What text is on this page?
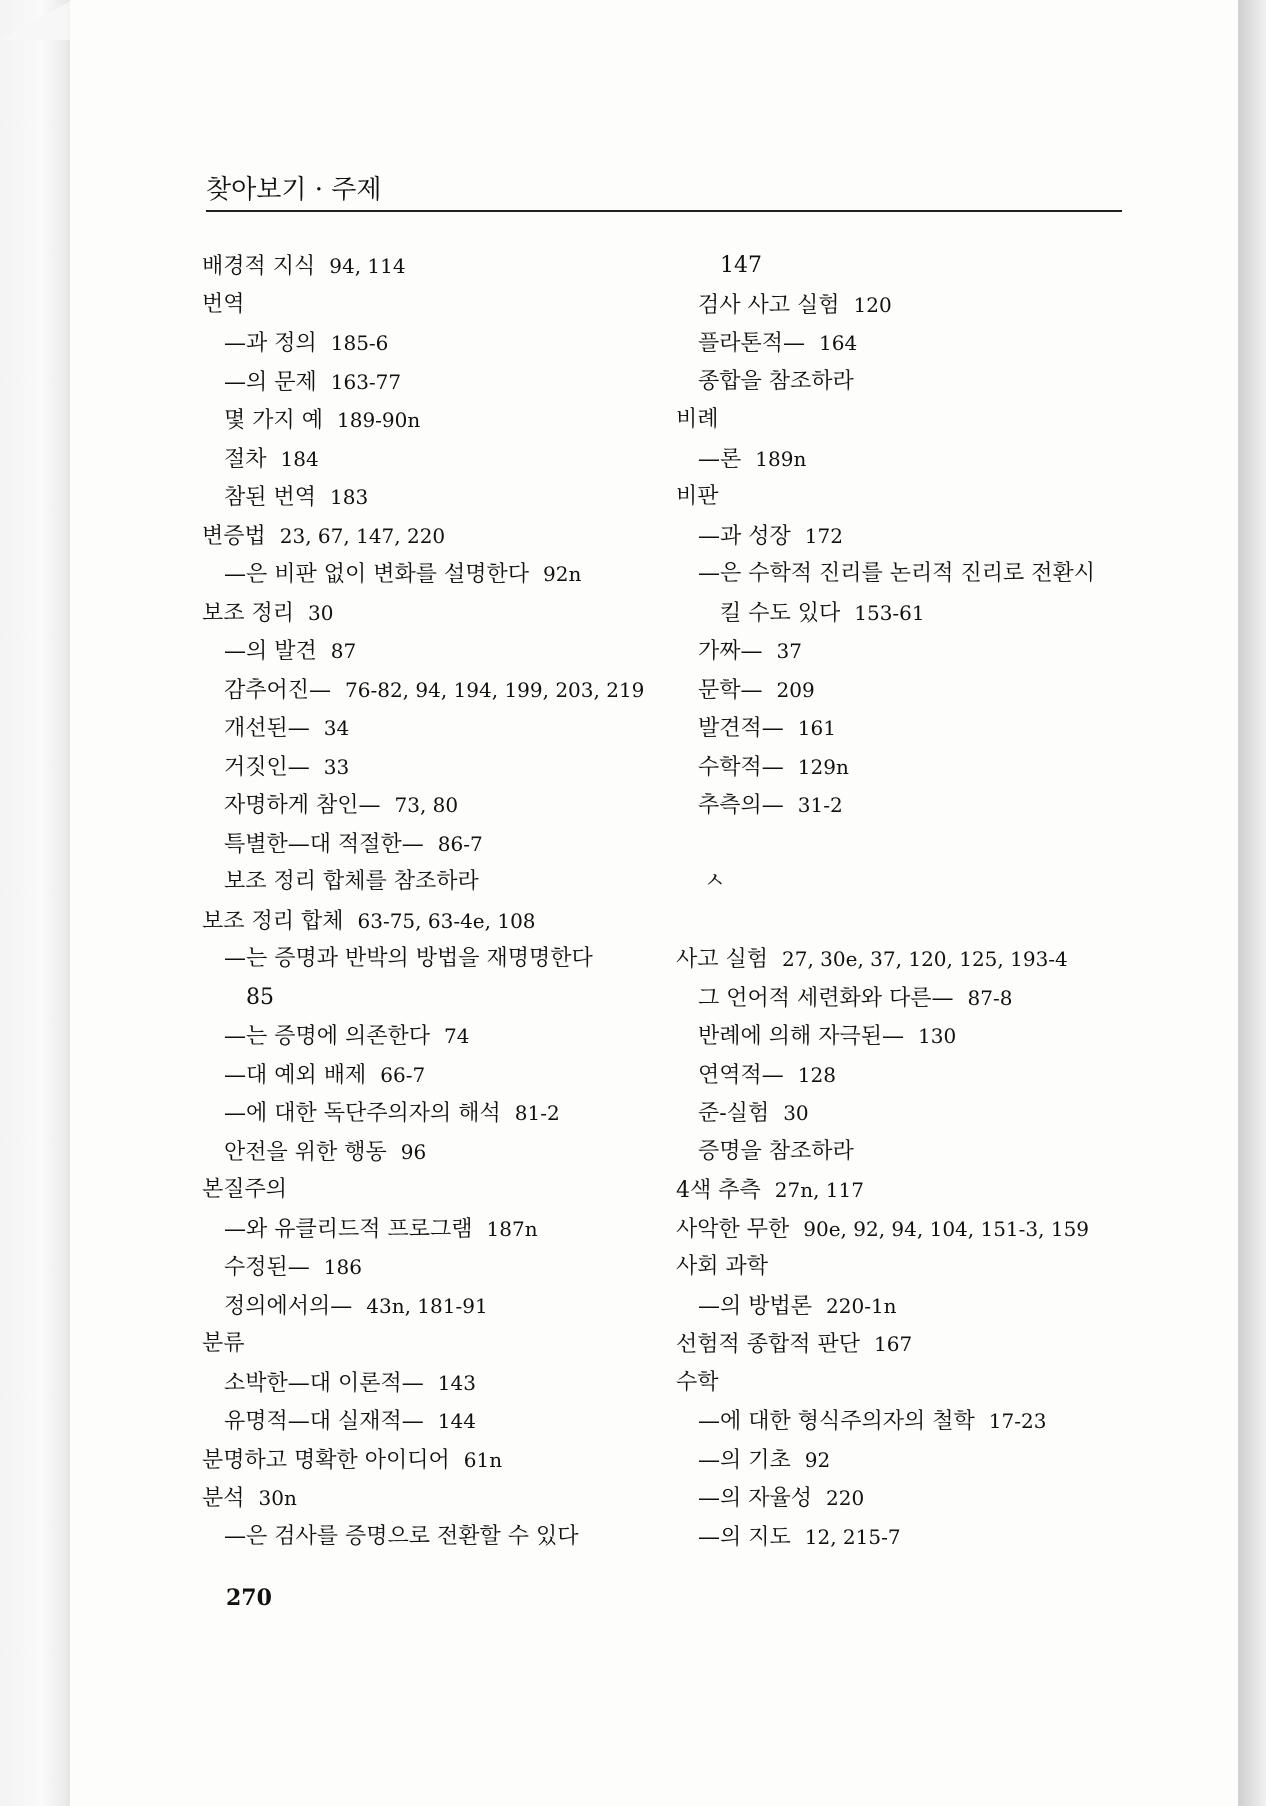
찾아보기 · 주제
배경적 지식 94, 114
번역
—과 정의 185-6
—의 문제 163-77
몇 가지 예 189-90n
절차 184
참된 번역 183
변증법 23, 67, 147, 220
—은 비판 없이 변화를 설명한다 92n
보조 정리 30
—의 발견 87
감추어진— 76-82, 94, 194, 199, 203, 219
개선된— 34
거짓인— 33
자명하게 참인— 73, 80
특별한—대 적절한— 86-7
보조 정리 합체를 참조하라
보조 정리 합체 63-75, 63-4e, 108
—는 증명과 반박의 방법을 재명명한다
85
—는 증명에 의존한다 74
—대 예외 배제 66-7
—에 대한 독단주의자의 해석 81-2
안전을 위한 행동 96
본질주의
—와 유클리드적 프로그램 187n
수정된— 186
정의에서의— 43n, 181-91
분류
소박한—대 이론적— 143
유명적—대 실재적— 144
분명하고 명확한 아이디어 61n
분석 30n
—은 검사를 증명으로 전환할 수 있다
147
검사 사고 실험 120
플라톤적— 164
종합을 참조하라
비례
—론 189n
비판
—과 성장 172
—은 수학적 진리를 논리적 진리로 전환시
킬 수도 있다 153-61
가짜— 37
문학— 209
발견적— 161
수학적— 129n
추측의— 31-2
ㅅ
사고 실험 27, 30e, 37, 120, 125, 193-4
그 언어적 세련화와 다른— 87-8
반례에 의해 자극된— 130
연역적— 128
준-실험 30
증명을 참조하라
4색 추측 27n, 117
사악한 무한 90e, 92, 94, 104, 151-3, 159
사회 과학
—의 방법론 220-1n
선험적 종합적 판단 167
수학
—에 대한 형식주의자의 철학 17-23
—의 기초 92
—의 자율성 220
—의 지도 12, 215-7
270
